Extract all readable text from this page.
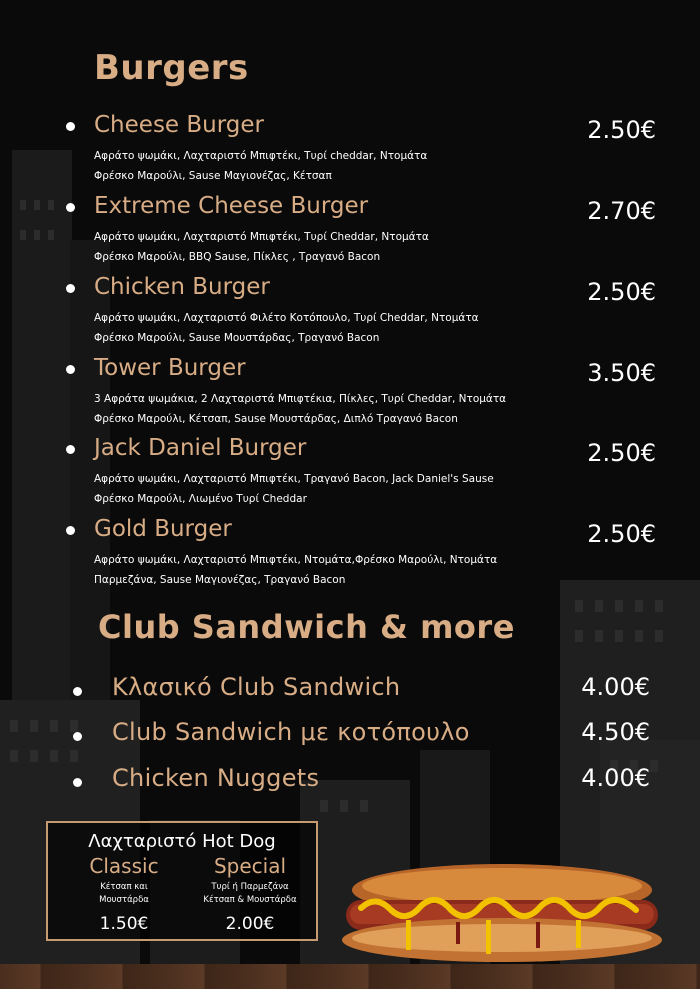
Burgers
Cheese Burger
Αφράτο ψωμάκι, Λαχταριστό Μπιφτέκι, Τυρί cheddar, Ντομάτα
Φρέσκο Μαρούλι, Sause Μαγιονέζας, Κέτσαπ
2.50€
Extreme Cheese Burger
Αφράτο ψωμάκι, Λαχταριστό Μπιφτέκι, Τυρί Cheddar, Ντομάτα
Φρέσκο Μαρούλι, BBQ Sause, Πίκλες , Τραγανό Bacon
2.70€
Chicken Burger
Αφράτο ψωμάκι, Λαχταριστό Φιλέτο Κοτόπουλο, Τυρί Cheddar, Ντομάτα
Φρέσκο Μαρούλι, Sause Μουστάρδας, Τραγανό Bacon
2.50€
Tower Burger
3 Αφράτα ψωμάκια, 2 Λαχταριστά Μπιφτέκια, Πίκλες, Τυρί Cheddar, Ντομάτα
Φρέσκο Μαρούλι, Κέτσαπ, Sause Μουστάρδας, Διπλό Τραγανό Bacon
3.50€
Jack Daniel Burger
Αφράτο ψωμάκι, Λαχταριστό Μπιφτέκι, Τραγανό Bacon, Jack Daniel's Sause
Φρέσκο Μαρούλι, Λιωμένο Τυρί Cheddar
2.50€
Gold Burger
Αφράτο ψωμάκι, Λαχταριστό Μπιφτέκι, Ντομάτα,Φρέσκο Μαρούλι, Ντομάτα
Παρμεζάνα, Sause Μαγιονέζας, Τραγανό Bacon
2.50€
Club Sandwich & more
Κλασικό Club Sandwich	4.00€
Club Sandwich με κοτόπουλο	4.50€
Chicken Nuggets	4.00€
Λαχταριστό Hot Dog
Classic
Κέτσαπ και
Μουστάρδα
1.50€
Special
Τυρί ή Παρμεζάνα
Κέτσαπ & Μουστάρδα
2.00€
